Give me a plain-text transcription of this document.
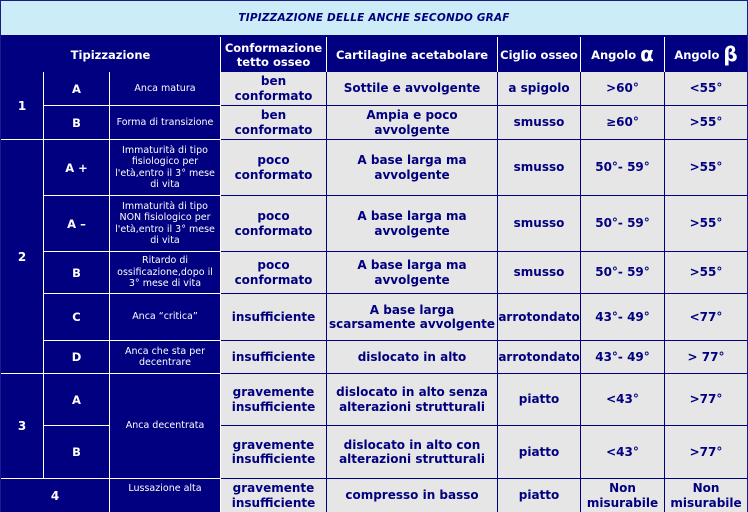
TIPIZZAZIONE DELLE ANCHE SECONDO GRAF							
Tipizzazione			Conformazione tetto osseo	Cartilagine acetabolare	Ciglio osseo	Angolo α	Angolo β
1	A	Anca matura	ben conformato	Sottile e avvolgente	a spigolo	>60°	<55°
	B	Forma di transizione	ben conformato	Ampia e poco avvolgente	smusso	≥60°	>55°
2	A +	Immaturità di tipo fisiologico per l'età,entro il 3° mese di vita	poco conformato	A base larga ma avvolgente	smusso	50°- 59°	>55°
	A –	Immaturità di tipo NON fisiologico per l'età,entro il 3° mese di vita	poco conformato	A base larga ma avvolgente	smusso	50°- 59°	>55°
	B	Ritardo di ossificazione,dopo il 3° mese di vita	poco conformato	A base larga ma avvolgente	smusso	50°- 59°	>55°
	C	Anca “critica”	insufficiente	A base larga scarsamente avvolgente	arrotondato	43°- 49°	<77°
	D	Anca che sta per decentrare	insufficiente	dislocato in alto	arrotondato	43°- 49°	> 77°
3	A	Anca decentrata	gravemente insufficiente	dislocato in alto senza alterazioni strutturali	piatto	<43°	>77°
	B		gravemente insufficiente	dislocato in alto con alterazioni strutturali	piatto	<43°	>77°
4		Lussazione alta	gravemente insufficiente	compresso in basso	piatto	Non misurabile	Non misurabile
